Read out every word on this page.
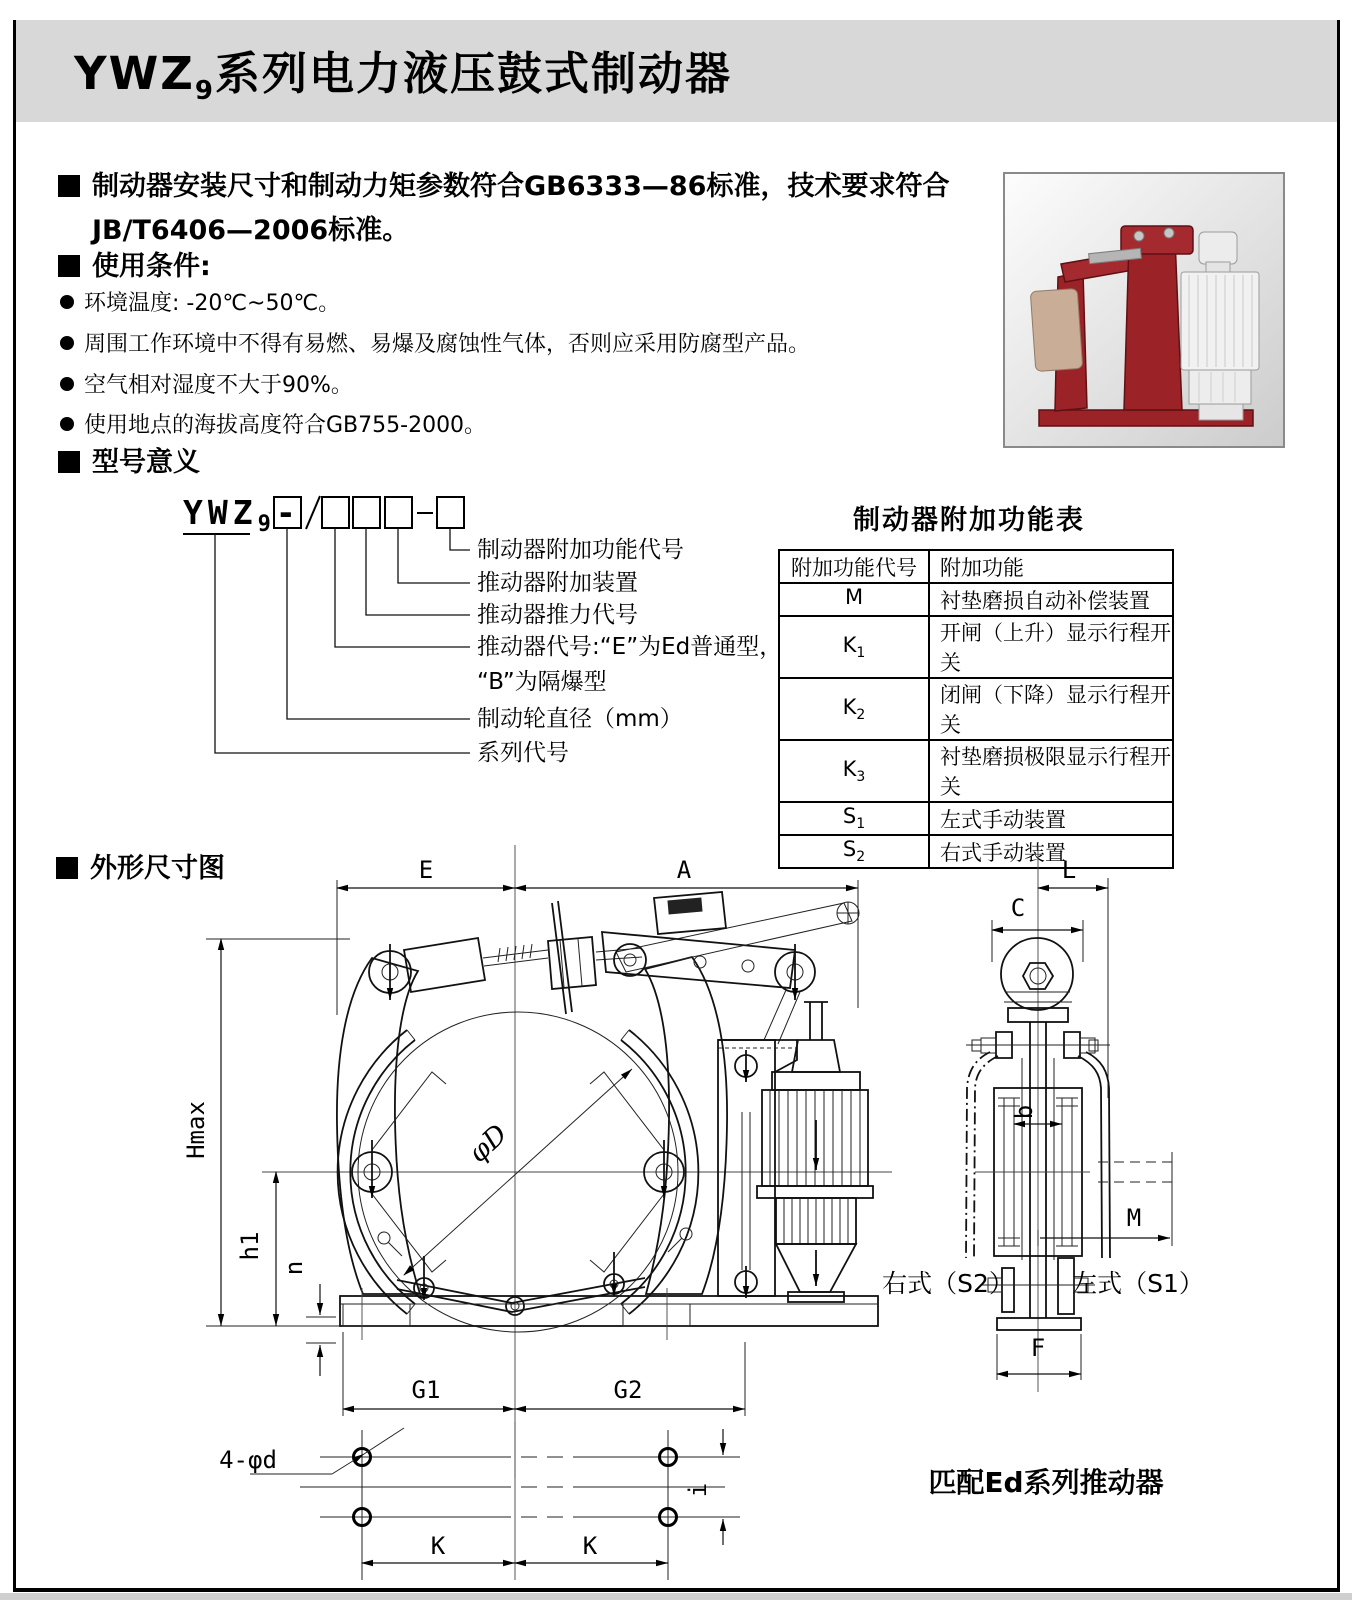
$YWZ_9$系列电力液压鼓式制动器
制动器安装尺寸和制动力矩参数符合GB6333—86标准，技术要求符合
JB/T6406—2006标准。
使用条件:
环境温度: -20℃~50℃。
周围工作环境中不得有易燃、易爆及腐蚀性气体，否则应采用防腐型产品。
空气相对湿度不大于90%。
使用地点的海拔高度符合GB755-2000。
型号意义
$YWZ_9-$
制动器附加功能代号
推动器附加装置
推动器推力代号
推动器代号:“E”为Ed普通型，
“B”为隔爆型
制动轮直径（mm）
系列代号
制动器附加功能表
附加功能代号	附加功能
M	衬垫磨损自动补偿装置
$K_1$	开闸（上升）显示行程开关
$K_2$	闭闸（下降）显示行程开关
$K_3$	衬垫磨损极限显示行程开关
$S_1$	左式手动装置
$S_2$	右式手动装置
外形尺寸图	E	A
Hmax
h1
n
φD
G1	G2
4-φd
K	K
i
L
C
b
M
F
右式（S2） 左式（S1）
匹配Ed系列推动器
